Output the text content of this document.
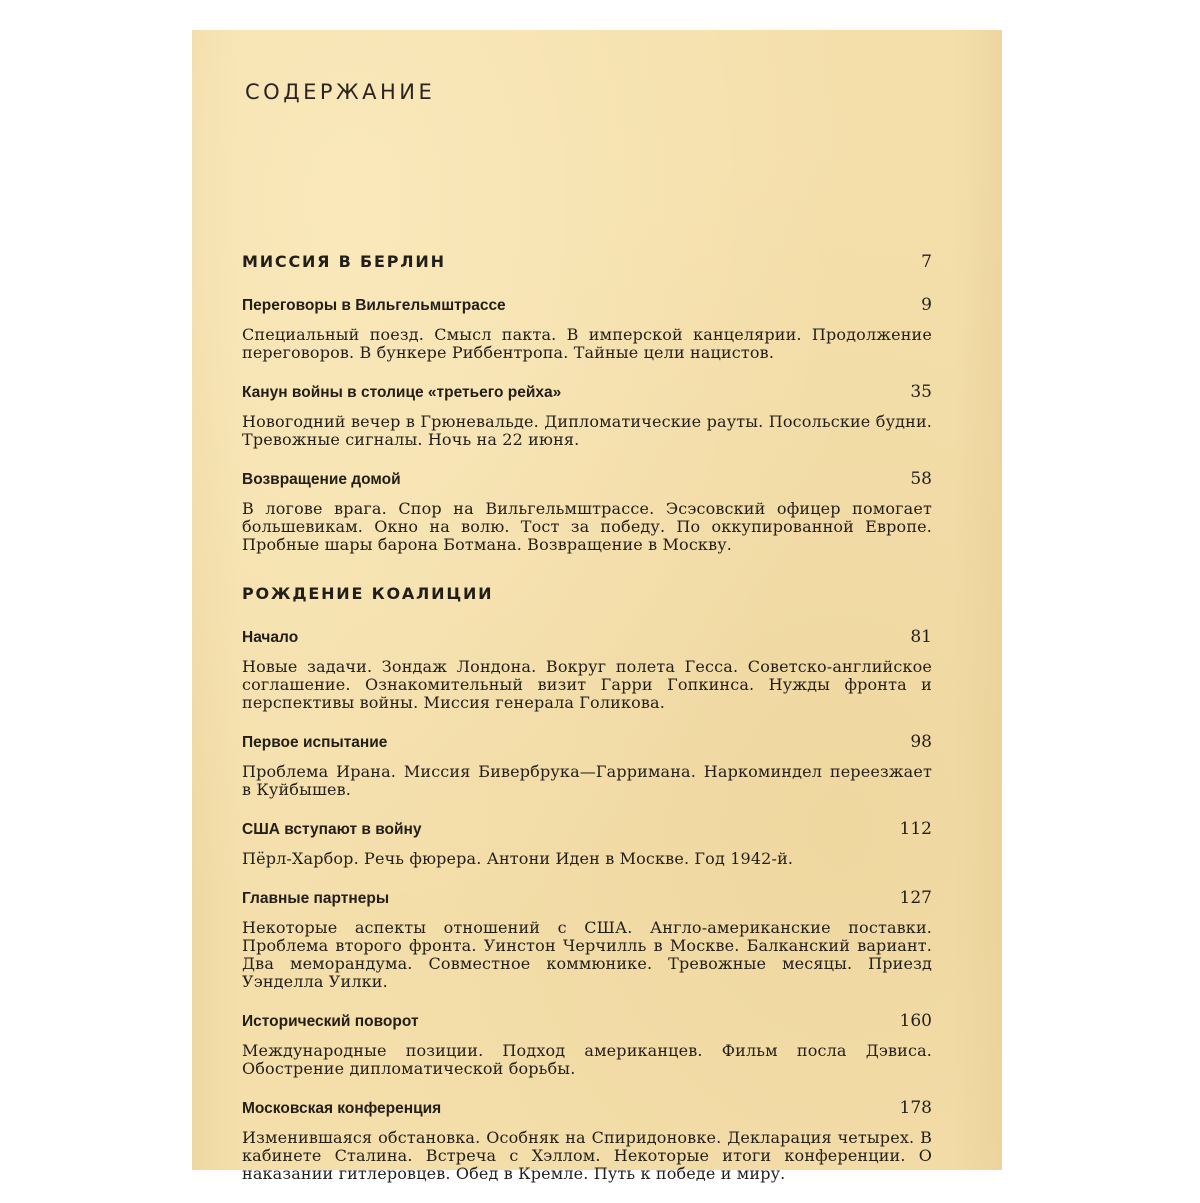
СОДЕРЖАНИЕ
МИССИЯ В БЕРЛИН	7
Переговоры в Вильгельмштрассе	9
Специальный поезд. Смысл пакта. В имперской канцелярии. Продолжение переговоров. В бункере Риббентропа. Тайные цели нацистов.
Канун войны в столице «третьего рейха»	35
Новогодний вечер в Грюневальде. Дипломатические рауты. Посольские будни. Тревожные сигналы. Ночь на 22 июня.
Возвращение домой	58
В логове врага. Спор на Вильгельмштрассе. Эсэсовский офицер помогает большевикам. Окно на волю. Тост за победу. По оккупированной Европе. Пробные шары барона Ботмана. Возвращение в Москву.
РОЖДЕНИЕ КОАЛИЦИИ
Начало	81
Новые задачи. Зондаж Лондона. Вокруг полета Гесса. Советско-английское соглашение. Ознакомительный визит Гарри Гопкинса. Нужды фронта и перспективы войны. Миссия генерала Голикова.
Первое испытание	98
Проблема Ирана. Миссия Бивербрука—Гарримана. Наркоминдел переезжает в Куйбышев.
США вступают в войну	112
Пёрл-Харбор. Речь фюрера. Антони Иден в Москве. Год 1942-й.
Главные партнеры	127
Некоторые аспекты отношений с США. Англо-американские поставки. Проблема второго фронта. Уинстон Черчилль в Москве. Балканский вариант. Два меморандума. Совместное коммюнике. Тревожные месяцы. Приезд Уэнделла Уилки.
Исторический поворот	160
Международные позиции. Подход американцев. Фильм посла Дэвиса. Обострение дипломатической борьбы.
Московская конференция	178
Изменившаяся обстановка. Особняк на Спиридоновке. Декларация четырех. В кабинете Сталина. Встреча с Хэллом. Некоторые итоги конференции. О наказании гитлеровцев. Обед в Кремле. Путь к победе и миру.
